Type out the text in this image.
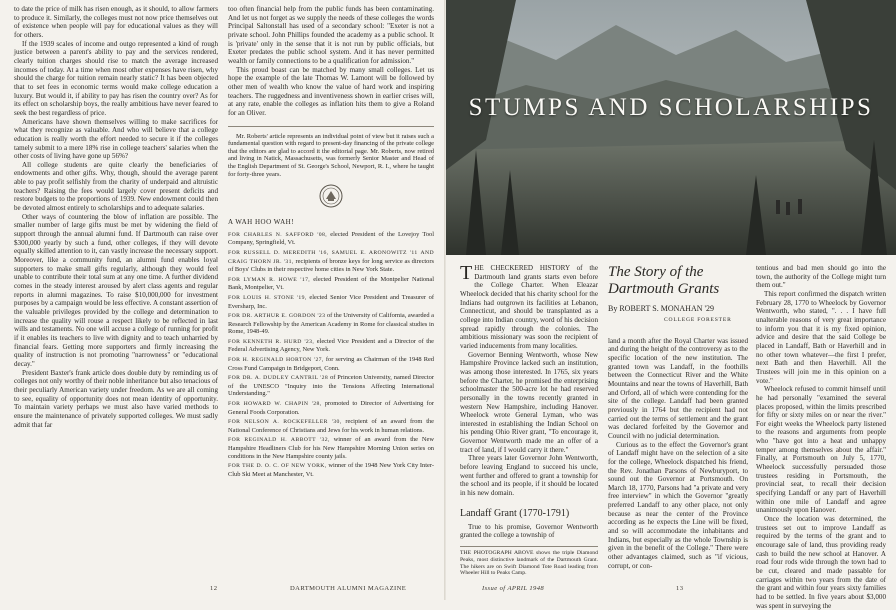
to date the price of milk has risen enough, as it should, to allow farmers to produce it. Similarly, the colleges must not now price themselves out of existence when people will pay for educational values as they will for others.

If the 1939 scales of income and outgo represented a kind of rough justice between a parent's ability to pay and the services rendered, clearly tuition charges should rise to match the average increased incomes of today. At a time when most other expenses have risen, why should the charge for tuition remain nearly static? It has been objected that to set fees in economic terms would make college education a luxury. But would it, if ability to pay has risen the country over? As for its effect on scholarship boys, the really ambitious have never feared to seek the best regardless of price.

Americans have shown themselves willing to make sacrifices for what they recognize as valuable. And who will believe that a college education is really worth the effort needed to secure it if the colleges tamely submit to a mere 18% rise in college teachers' salaries when the other costs of living have gone up 56%?

All college students are quite clearly the beneficiaries of endowments and other gifts. Why, though, should the average parent able to pay profit selfishly from the charity of underpaid and altruistic teachers? Raising the fees would largely cover present deficits and restore budgets to the proportions of 1939. New endowment could then be devoted almost entirely to scholarships and to adequate salaries.

Other ways of countering the blow of inflation are possible. The smaller number of large gifts must be met by widening the field of support through the annual alumni fund. If Dartmouth can raise over $300,000 yearly by such a fund, other colleges, if they will devote equally skilled attention to it, can vastly increase the necessary support. Moreover, like a community fund, an alumni fund enables loyal supporters to make small gifts regularly, although they would feel unable to contribute their total sum at any one time. A further dividend comes in the steady interest aroused by alert class agents and regular reports in alumni magazines. To raise $10,000,000 for investment purposes by a campaign would be less effective. A constant assertion of the valuable privileges provided by the college and determination to increase the quality will rouse a respect likely to be reflected in last wills and testaments. No one will accuse a college of running for profit if it enables its teachers to live with dignity and to teach unharried by financial fears. Getting more supporters and firmly increasing the quality of instruction is not promoting "narrowness" or "educational decay."

President Baxter's frank article does double duty by reminding us of colleges not only worthy of their noble inheritance but also tenacious of their peculiarly American variety under freedom. As we are all coming to see, equality of opportunity does not mean identity of opportunity. To maintain variety perhaps we must also have varied methods to ensure the maintenance of privately supported colleges. We must sadly admit that far

too often financial help from the public funds has been contaminating. And let us not forget as we supply the needs of these colleges the words Principal Saltonstall has used of a secondary school: "Exeter is not a private school. John Phillips founded the academy as a public school. It is 'private' only in the sense that it is not run by public officials, but Exeter predates the public school system. And it has never permitted wealth or family connections to be a qualification for admission."

This proud boast can be matched by many small colleges. Let us hope the example of the late Thomas W. Lamont will be followed by other men of wealth who know the value of hard work and inspiring teachers. The ruggedness and inventiveness shown in earlier crises will, at any rate, enable the colleges as inflation hits them to give a Roland for an Oliver.

Mr. Roberts' article represents an individual point of view but it raises such a fundamental question with regard to present-day financing of the private college that the editors are glad to accord it the editorial page. Mr. Roberts, now retired and living in Natick, Massachusetts, was formerly Senior Master and Head of the English Department of St. George's School, Newport, R. I., where he taught for forty-three years.

A WAH HOO WAH!

FOR CHARLES N. SAFFORD '08, elected President of the Lovejoy Tool Company, Springfield, Vt.

FOR RUSSELL D. MEREDITH '16, SAMUEL E. ARONOWITZ '11 AND CRAIG THORN JR. '31, recipients of bronze keys for long service as directors of Boys' Clubs in their respective home cities in New York State.

FOR LYMAN R. HOWE '17, elected President of the Montpelier National Bank, Montpelier, Vt.

FOR LOUIS H. STONE '19, elected Senior Vice President and Treasurer of Eversharp, Inc.

FOR DR. ARTHUR E. GORDON '23 of the University of California, awarded a Research Fellowship by the American Academy in Rome for classical studies in Rome, 1948-49.

FOR KENNETH R. HURD '23, elected Vice President and a Director of the Federal Advertising Agency, New York.

FOR H. REGINALD HORTON '27, for serving as Chairman of the 1948 Red Cross Fund Campaign in Bridgeport, Conn.

FOR DR. A. DUDLEY CANTRIL '28 of Princeton University, named Director of the UNESCO "Inquiry into the Tensions Affecting International Understanding."

FOR HOWARD W. CHAPIN '28, promoted to Director of Advertising for General Foods Corporation.

FOR NELSON A. ROCKEFELLER '30, recipient of an award from the National Conference of Christians and Jews for his work in human relations.

FOR REGINALD H. ABBOTT '32, winner of an award from the New Hampshire Headliners Club for his New Hampshire Morning Union series on conditions in the New Hampshire county jails.

FOR THE D. O. C. OF NEW YORK, winner of the 1948 New York City Inter-Club Ski Meet at Manchester, Vt.

12	DARTMOUTH ALUMNI MAGAZINE
STUMPS AND SCHOLARSHIPS

THE CHECKERED HISTORY of the Dartmouth land grants starts even before the College Charter. When Eleazar Wheelock decided that his charity school for the Indians had outgrown its facilities at Lebanon, Connecticut, and should be transplanted as a college into Indian country, word of his decision spread rapidly through the colonies. The ambitious missionary was soon the recipient of varied inducements from many localities.

Governor Benning Wentworth, whose New Hampshire Province lacked such an institution, was among those interested. In 1765, six years before the Charter, he promised the enterprising schoolmaster the 500-acre lot he had reserved personally in the towns recently granted in western New Hampshire, including Hanover. Wheelock wrote General Lyman, who was interested in establishing the Indian School on his pending Ohio River grant, "To encourage it, Governor Wentworth made me an offer of a tract of land, if I would carry it there."

Three years later Governor John Wentworth, before leaving England to succeed his uncle, went further and offered to grant a township for the school and its people, if it should be located in his new domain.

Landaff Grant (1770-1791)

True to his promise, Governor Wentworth granted the college a township of

THE PHOTOGRAPH ABOVE shows the triple Diamond Peaks, most distinctive landmark of the Dartmouth Grant. The hikers are on Swift Diamond Tote Road leading from Wheeler Hill to Peaks Camp.

The Story of the
Dartmouth Grants
By ROBERT S. MONAHAN '29
COLLEGE FORESTER

land a month after the Royal Charter was issued and during the height of the controversy as to the specific location of the new institution. The granted town was Landaff, in the foothills between the Connecticut River and the White Mountains and near the towns of Haverhill, Bath and Orford, all of which were contending for the site of the college. Landaff had been granted previously in 1764 but the recipient had not carried out the terms of settlement and the grant was declared forfeited by the Governor and Council with no judicial determination.

Curious as to the effect the Governor's grant of Landaff might have on the selection of a site for the college, Wheelock dispatched his friend, the Rev. Jonathan Parsons of Newburyport, to sound out the Governor at Portsmouth. On March 18, 1770, Parsons had "a private and very free interview" in which the Governor "greatly preferred Landaff to any other place, not only because as near the center of the Province according as he expects the Line will be fixed, and so will accommodate the inhabitants and Indians, but especially as the whole Township is given in the benefit of the College." There were other advantages claimed, such as "if vicious, corrupt, or con-

tentious and bad men should go into the town, the authority of the College might turn them out."

This report confirmed the dispatch written February 28, 1770 to Wheelock by Governor Wentworth, who stated, ". . . I have full unalterable reasons of very great importance to inform you that it is my fixed opinion, advice and desire that the said College be placed in Landaff, Bath or Haverhill and in no other town whatever—the first I prefer, next Bath and then Haverhill. All the Trustees will join me in this opinion on a vote."

Wheelock refused to commit himself until he had personally "examined the several places proposed, within the limits prescribed for fifty or sixty miles on or near the river." For eight weeks the Wheelock party listened to the reasons and arguments from people who "have got into a heat and unhappy temper among themselves about the affair." Finally, at Portsmouth on July 5, 1770, Wheelock successfully persuaded those trustees residing in Portsmouth, the provincial seat, to recall their decision specifying Landaff or any part of Haverhill within one mile of Landaff and agree unanimously upon Hanover.

Once the location was determined, the trustees set out to improve Landaff as required by the terms of the grant and to encourage sale of land, thus providing ready cash to build the new school at Hanover. A road four rods wide through the town had to be cut, cleared and made passable for carriages within two years from the date of the grant and within four years sixty families had to be settled. In five years about $3,000 was spent in surveying the

Issue of APRIL 1948	13
